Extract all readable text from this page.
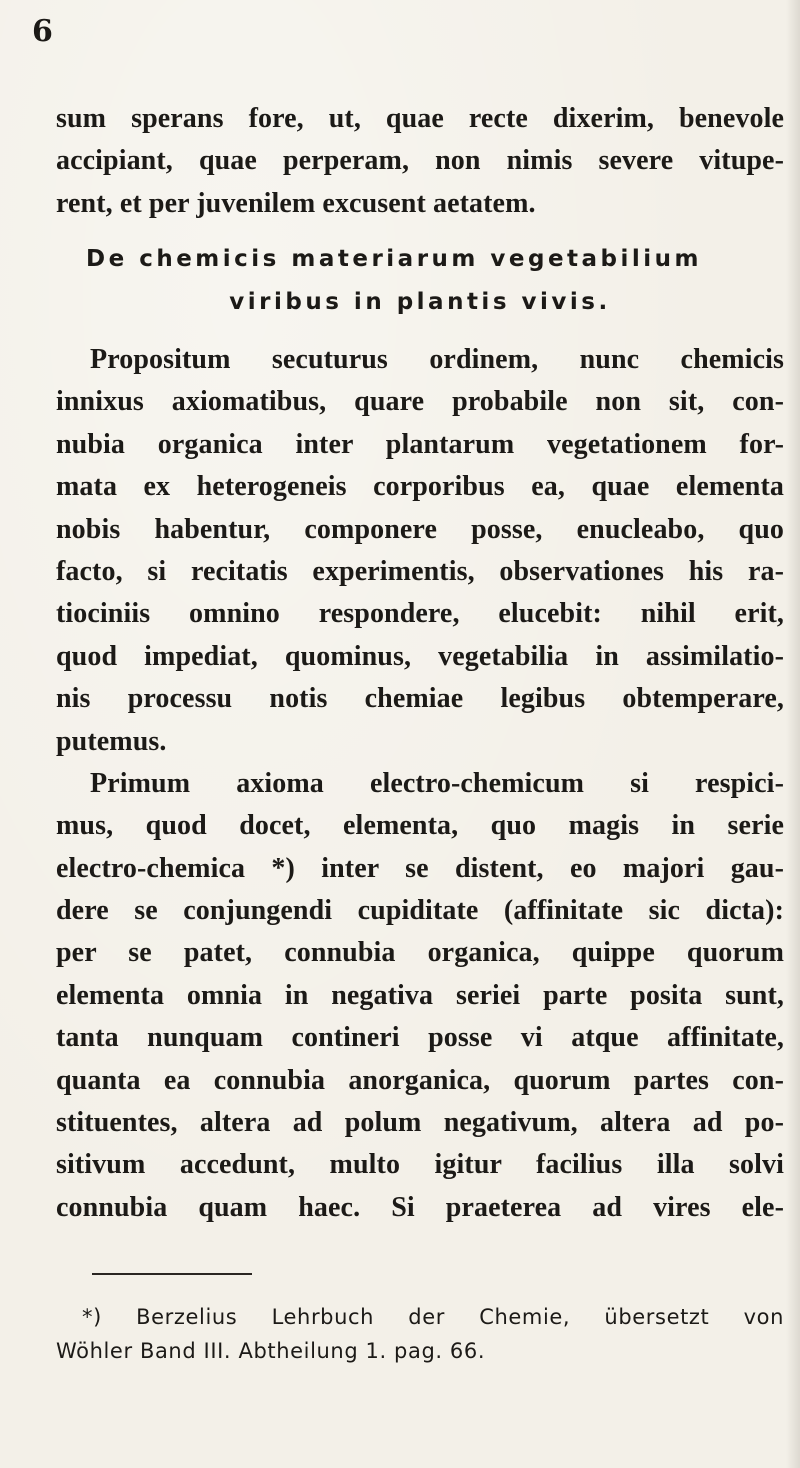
6
sum sperans fore, ut, quae recte dixerim, benevole
accipiant, quae perperam, non nimis severe vitupe-
rent, et per juvenilem excusent aetatem.
De chemicis materiarum vegetabilium
viribus in plantis vivis.
Propositum secuturus ordinem, nunc chemicis
innixus axiomatibus, quare probabile non sit, con-
nubia organica inter plantarum vegetationem for-
mata ex heterogeneis corporibus ea, quae elementa
nobis habentur, componere posse, enucleabo, quo
facto, si recitatis experimentis, observationes his ra-
tiociniis omnino respondere, elucebit: nihil erit,
quod impediat, quominus, vegetabilia in assimilatio-
nis processu notis chemiae legibus obtemperare,
putemus.
Primum axioma electro-chemicum si respici-
mus, quod docet, elementa, quo magis in serie
electro-chemica *) inter se distent, eo majori gau-
dere se conjungendi cupiditate (affinitate sic dicta):
per se patet, connubia organica, quippe quorum
elementa omnia in negativa seriei parte posita sunt,
tanta nunquam contineri posse vi atque affinitate,
quanta ea connubia anorganica, quorum partes con-
stituentes, altera ad polum negativum, altera ad po-
sitivum accedunt, multo igitur facilius illa solvi
connubia quam haec. Si praeterea ad vires ele-
*) Berzelius Lehrbuch der Chemie, übersetzt von
Wöhler Band III. Abtheilung 1. pag. 66.
